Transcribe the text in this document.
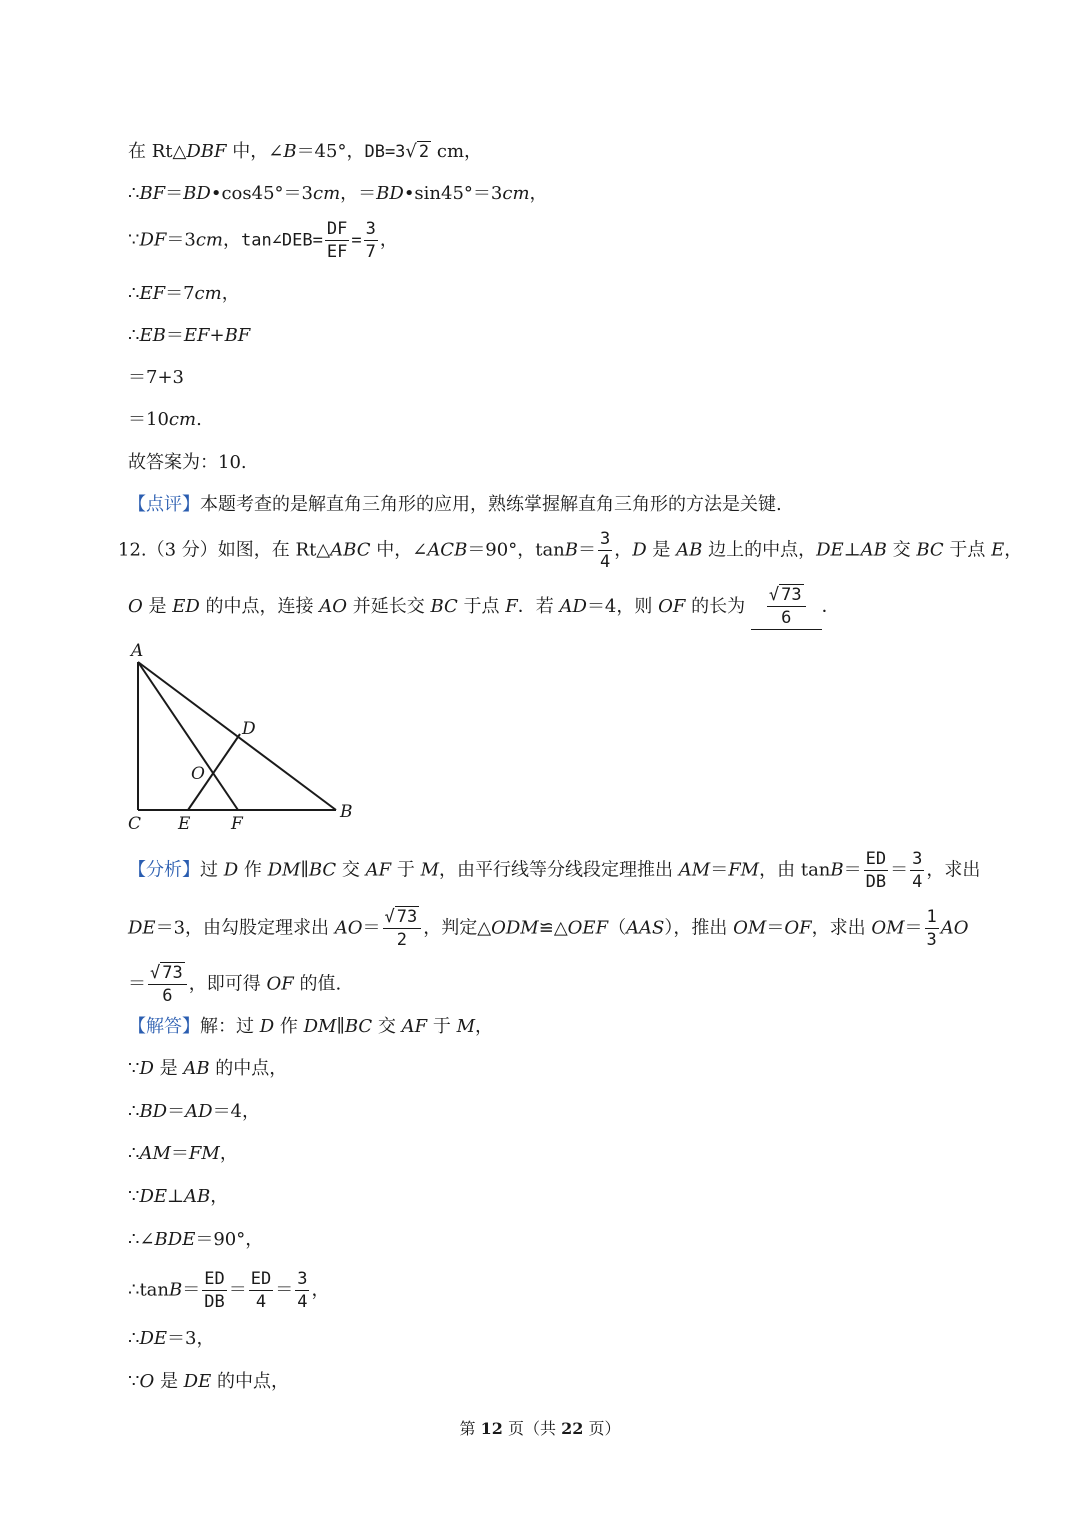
在 Rt△DBF 中，∠B＝45°，DB=3√ 2 cm，
∴BF＝BD•cos45°＝3cm，＝BD•sin45°＝3cm，
∵DF＝3cm，tan∠DEB= $\frac{DF}{EF} = \frac{3}{7}$ ，
∴EF＝7cm，
∴EB＝EF+BF
＝7+3
＝10cm.
故答案为：10.
【点评】本题考查的是解直角三角形的应用，熟练掌握解直角三角形的方法是关键.
12.（3 分）如图，在 Rt△ABC 中，∠ACB＝90°，$\tan B= \frac{3}{4}$ ，D 是 AB 边上的中点，DE⊥AB 交 BC 于点 E，
O 是 ED 的中点，连接 AO 并延长交 BC 于点 F．若 AD＝4，则 OF 的长为 $\frac{√ 73}{6}$ ．
A
D
O
C E F
B
【分析】过 D 作 DM∥BC 交 AF 于 M，由平行线等分线段定理推出 AM＝FM，由 $\tan B= \frac{ED}{DB} = \frac{3}{4}$ ，求出
DE＝3，由勾股定理求出 $AO= \frac{√ 73}{2}$ ，判定△ODM≌△OEF（AAS），推出 OM＝OF，求出 $OM= \frac{1}{3}$ AO
＝ $\frac{√ 73}{6}$ ，即可得 OF 的值.
【解答】解：过 D 作 DM∥BC 交 AF 于 M，
∵D 是 AB 的中点，
∴BD＝AD＝4，
∴AM＝FM，
∵DE⊥AB，
∴∠BDE＝90°，
∴tanB＝ $\frac{ED}{DB} = \frac{ED}{4} = \frac{3}{4}$ ，
∴DE＝3，
∵O 是 DE 的中点，
第 12 页（共 22 页）
